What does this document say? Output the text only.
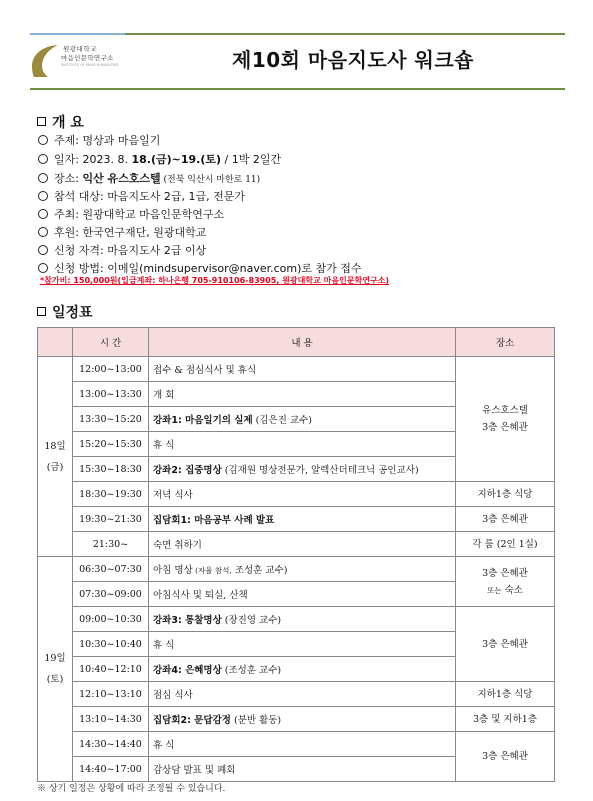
원광대학교
마음인문학연구소
INSTITUTE OF MIND HUMANITIES	제10회 마음지도사 워크숍
개 요
주제: 명상과 마음일기
일자: 2023. 8. 18.(금)~19.(토) / 1박 2일간
장소: 익산 유스호스텔 (전북 익산시 마한로 11)
참석 대상: 마음지도사 2급, 1급, 전문가
주최: 원광대학교 마음인문학연구소
후원: 한국연구재단, 원광대학교
신청 자격: 마음지도사 2급 이상
신청 방법: 이메일(mindsupervisor@naver.com)로 참가 접수
*참가비: 150,000원(입금계좌: 하나은행 705-910106-83905, 원광대학교 마음인문학연구소)
일정표
	시 간	내 용	장소
18일
(금)	12:00~13:00	접수 & 점심식사 및 휴식	유스호스텔
3층 은혜관
	13:00~13:30	개 회	
	13:30~15:20	강좌1: 마음일기의 실제 (김은진 교수)	
	15:20~15:30	휴 식	
	15:30~18:30	강좌2: 집중명상 (김재원 명상전문가, 알렉산더테크닉 공인교사)	
	18:30~19:30	저녁 식사	지하1층 식당
	19:30~21:30	집담회1: 마음공부 사례 발표	3층 은혜관
	21:30~	숙면 취하기	각 룸 (2인 1실)
19일
(토)	06:30~07:30	아침 명상 (자율 참석, 조성훈 교수)	3층 은혜관
또는 숙소
	07:30~09:00	아침식사 및 퇴실, 산책	
	09:00~10:30	강좌3: 통찰명상 (장진영 교수)	3층 은혜관
	10:30~10:40	휴 식	
	10:40~12:10	강좌4: 은혜명상 (조성훈 교수)	
	12:10~13:10	점심 식사	지하1층 식당
	13:10~14:30	집담회2: 문답감정 (분반 활동)	3층 및 지하1층
	14:30~14:40	휴 식	3층 은혜관
	14:40~17:00	감상담 발표 및 폐회	
※ 상기 일정은 상황에 따라 조정될 수 있습니다.
